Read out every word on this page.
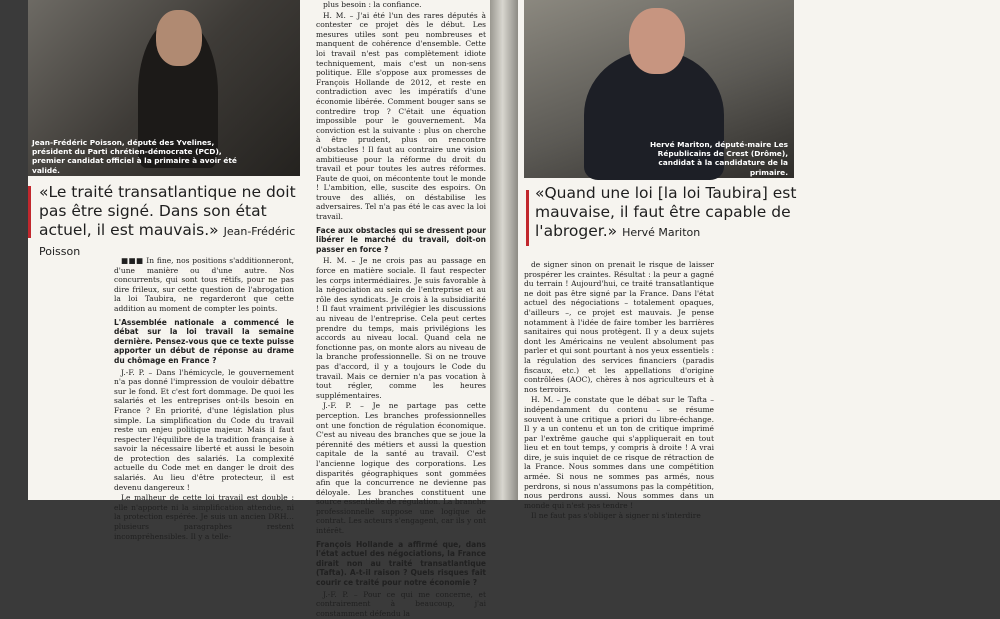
Jean-Frédéric Poisson, député des Yvelines, président du Parti chrétien-démocrate (PCD), premier candidat officiel à la primaire à avoir été validé.
«Le traité transatlantique ne doit pas être signé. Dans son état actuel, il est mauvais.» Jean-Frédéric Poisson

plus besoin : la confiance.

H. M. – J'ai été l'un des rares députés à contester ce projet dès le début. Les mesures utiles sont peu nombreuses et manquent de cohérence d'ensemble. Cette loi travail n'est pas complètement idiote techniquement, mais c'est un non-sens politique. Elle s'oppose aux promesses de François Hollande de 2012, et reste en contradiction avec les impératifs d'une économie libérée. Comment bouger sans se contredire trop ? C'était une équation impossible pour le gouvernement. Ma conviction est la suivante : plus on cherche à être prudent, plus on rencontre d'obstacles ! Il faut au contraire une vision ambitieuse pour la réforme du droit du travail et pour toutes les autres réformes. Faute de quoi, on mécontente tout le monde ! L'ambition, elle, suscite des espoirs. On trouve des alliés, on déstabilise les adversaires. Tel n'a pas été le cas avec la loi travail.

Face aux obstacles qui se dressent pour libérer le marché du travail, doit-on passer en force ?

H. M. – Je ne crois pas au passage en force en matière sociale. Il faut respecter les corps intermédiaires. Je suis favorable à la négociation au sein de l'entreprise et au rôle des syndicats. Je crois à la subsidiarité ! Il faut vraiment privilégier les discussions au niveau de l'entreprise. Cela peut certes prendre du temps, mais privilégions les accords au niveau local. Quand cela ne fonctionne pas, on monte alors au niveau de la branche professionnelle. Si on ne trouve pas d'accord, il y a toujours le Code du travail. Mais ce dernier n'a pas vocation à tout régler, comme les heures supplémentaires.

J.-F. P. – Je ne partage pas cette perception. Les branches professionnelles ont une fonction de régulation économique. C'est au niveau des branches que se joue la pérennité des métiers et aussi la question capitale de la santé au travail. C'est l'ancienne logique des corporations. Les disparités géographiques sont gommées afin que la concurrence ne devienne pas déloyale. Les branches constituent une source essentielle de régulation. La branche professionnelle suppose une logique de contrat. Les acteurs s'engagent, car ils y ont intérêt.

François Hollande a affirmé que, dans l'état actuel des négociations, la France dirait non au traité transatlantique (Tafta). A-t-il raison ? Quels risques fait courir ce traité pour notre économie ?

J.-F. P. – Pour ce qui me concerne, et contrairement à beaucoup, j'ai constamment défendu la

■■■ In fine, nos positions s'additionneront, d'une manière ou d'une autre. Nos concurrents, qui sont tous rétifs, pour ne pas dire frileux, sur cette question de l'abrogation la loi Taubira, ne regarderont que cette addition au moment de compter les points.

L'Assemblée nationale a commencé le débat sur la loi travail la semaine dernière. Pensez-vous que ce texte puisse apporter un début de réponse au drame du chômage en France ?

J.-F. P. – Dans l'hémicycle, le gouvernement n'a pas donné l'impression de vouloir débattre sur le fond. Et c'est fort dommage. De quoi les salariés et les entreprises ont-ils besoin en France ? En priorité, d'une législation plus simple. La simplification du Code du travail reste un enjeu politique majeur. Mais il faut respecter l'équilibre de la tradition française à savoir la nécessaire liberté et aussi le besoin de protection des salariés. La complexité actuelle du Code met en danger le droit des salariés. Au lieu d'être protecteur, il est devenu dangereux !

Le malheur de cette loi travail est double : elle n'apporte ni la simplification attendue, ni la protection espérée. Je suis un ancien DRH… plusieurs paragraphes restent incompréhensibles. Il y a telle-

Hervé Mariton, député-maire Les Républicains de Crest (Drôme), candidat à la candidature de la primaire.
«Quand une loi [la loi Taubira] est mauvaise, il faut être capable de l'abroger.» Hervé Mariton

de signer sinon on prenait le risque de laisser prospérer les craintes. Résultat : la peur a gagné du terrain ! Aujourd'hui, ce traité transatlantique ne doit pas être signé par la France. Dans l'état actuel des négociations – totalement opaques, d'ailleurs –, ce projet est mauvais. Je pense notamment à l'idée de faire tomber les barrières sanitaires qui nous protègent. Il y a deux sujets dont les Américains ne veulent absolument pas parler et qui sont pourtant à nos yeux essentiels : la régulation des services financiers (paradis fiscaux, etc.) et les appellations d'origine contrôlées (AOC), chères à nos agriculteurs et à nos terroirs.

H. M. – Je constate que le débat sur le Tafta – indépendamment du contenu – se résume souvent à une critique a priori du libre-échange. Il y a un contenu et un ton de critique imprimé par l'extrême gauche qui s'appliquerait en tout lieu et en tout temps, y compris à droite ! A vrai dire, je suis inquiet de ce risque de rétraction de la France. Nous sommes dans une compétition armée. Si nous ne sommes pas armés, nous perdrons, si nous n'assumons pas la compétition, nous perdrons aussi. Nous sommes dans un monde qui n'est pas tendre !

Il ne faut pas s'obliger à signer ni s'interdire
